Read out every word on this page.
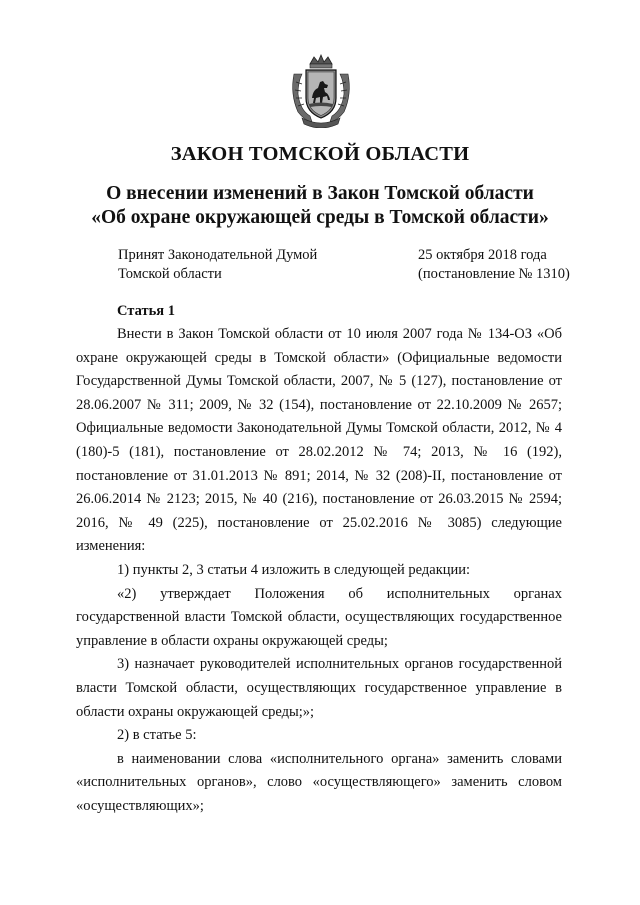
ЗАКОН ТОМСКОЙ ОБЛАСТИ
О внесении изменений в Закон Томской области
«Об охране окружающей среды в Томской области»
Принят Законодательной Думой
Томской области
25 октября 2018 года
(постановление № 1310)
Статья 1

Внести в Закон Томской области от 10 июля 2007 года № 134-ОЗ «Об охране окружающей среды в Томской области» (Официальные ведомости Государственной Думы Томской области, 2007, № 5 (127), постановление от 28.06.2007 № 311; 2009, № 32 (154), постановление от 22.10.2009 № 2657; Официальные ведомости Законодательной Думы Томской области, 2012, № 4 (180)-5 (181), постановление от 28.02.2012 № 74; 2013, № 16 (192), постановление от 31.01.2013 № 891; 2014, № 32 (208)-II, постановление от 26.06.2014 № 2123; 2015, № 40 (216), постановление от 26.03.2015 № 2594; 2016, № 49 (225), постановление от 25.02.2016 № 3085) следующие изменения:

1) пункты 2, 3 статьи 4 изложить в следующей редакции:

«2) утверждает Положения об исполнительных органах государственной власти Томской области, осуществляющих государственное управление в области охраны окружающей среды;

3) назначает руководителей исполнительных органов государственной власти Томской области, осуществляющих государственное управление в области охраны окружающей среды;»;

2) в статье 5:

в наименовании слова «исполнительного органа» заменить словами «исполнительных органов», слово «осуществляющего» заменить словом «осуществляющих»;
